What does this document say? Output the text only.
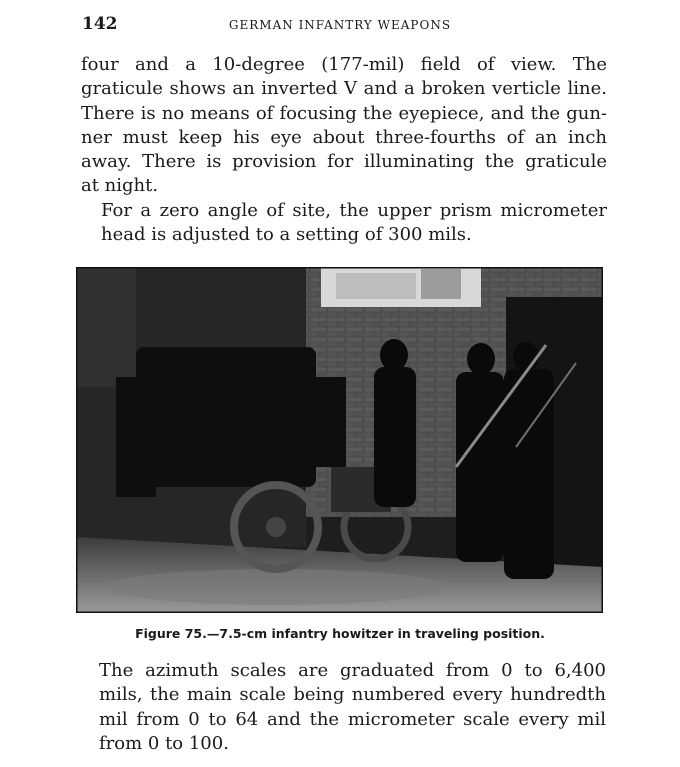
142	GERMAN INFANTRY WEAPONS

four and a 10-degree (177-mil) field of view. The
graticule shows an inverted V and a broken verticle line.
There is no means of focusing the eyepiece, and the gun-
ner must keep his eye about three-fourths of an inch
away. There is provision for illuminating the graticule
at night.

For a zero angle of site, the upper prism micrometer
head is adjusted to a setting of 300 mils.

Figure 75.—7.5-cm infantry howitzer in traveling position.

The azimuth scales are graduated from 0 to 6,400
mils, the main scale being numbered every hundredth
mil from 0 to 64 and the micrometer scale every mil
from 0 to 100.
